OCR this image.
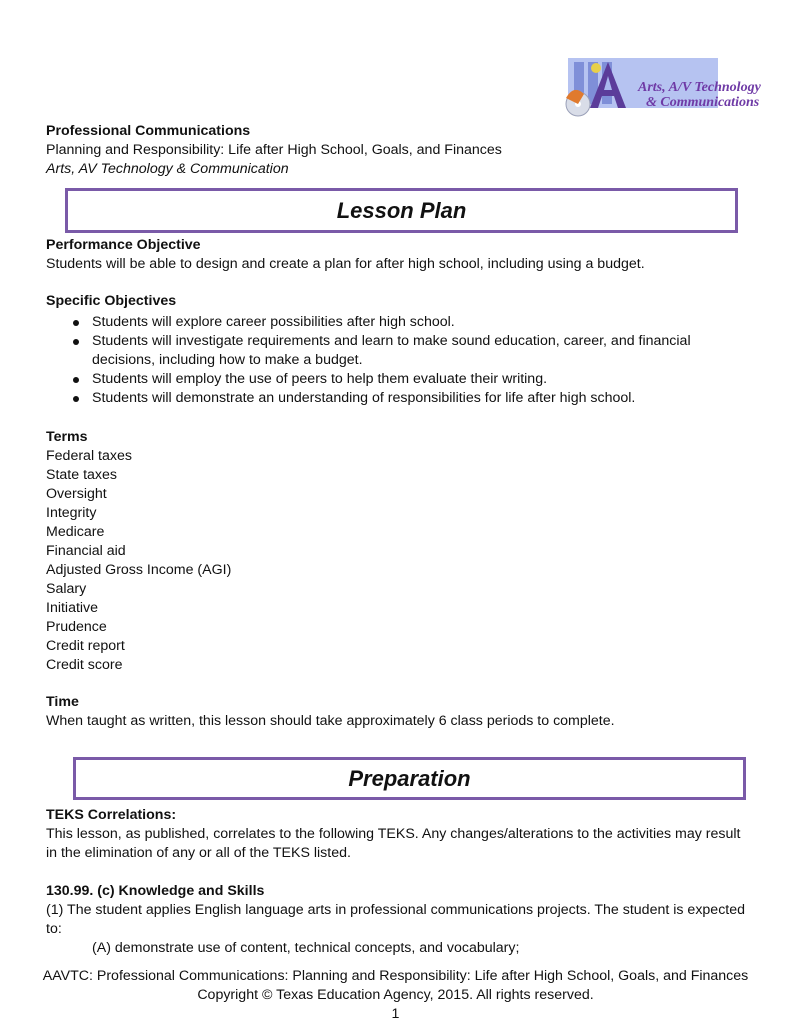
Arts, A/V Technology
& Communications
Professional Communications
Planning and Responsibility: Life after High School, Goals, and Finances
Arts, AV Technology & Communication
Lesson Plan
Performance Objective
Students will be able to design and create a plan for after high school, including using a budget.
Specific Objectives
Students will explore career possibilities after high school.
Students will investigate requirements and learn to make sound education, career, and financial decisions, including how to make a budget.
Students will employ the use of peers to help them evaluate their writing.
Students will demonstrate an understanding of responsibilities for life after high school.
Terms
Federal taxes
State taxes
Oversight
Integrity
Medicare
Financial aid
Adjusted Gross Income (AGI)
Salary
Initiative
Prudence
Credit report
Credit score
Time
When taught as written, this lesson should take approximately 6 class periods to complete.
Preparation
TEKS Correlations:
This lesson, as published, correlates to the following TEKS. Any changes/alterations to the activities may result in the elimination of any or all of the TEKS listed.
130.99. (c) Knowledge and Skills
(1) The student applies English language arts in professional communications projects. The student is expected to:
(A) demonstrate use of content, technical concepts, and vocabulary;
AAVTC: Professional Communications: Planning and Responsibility: Life after High School, Goals, and Finances
Copyright © Texas Education Agency, 2015. All rights reserved.
1
